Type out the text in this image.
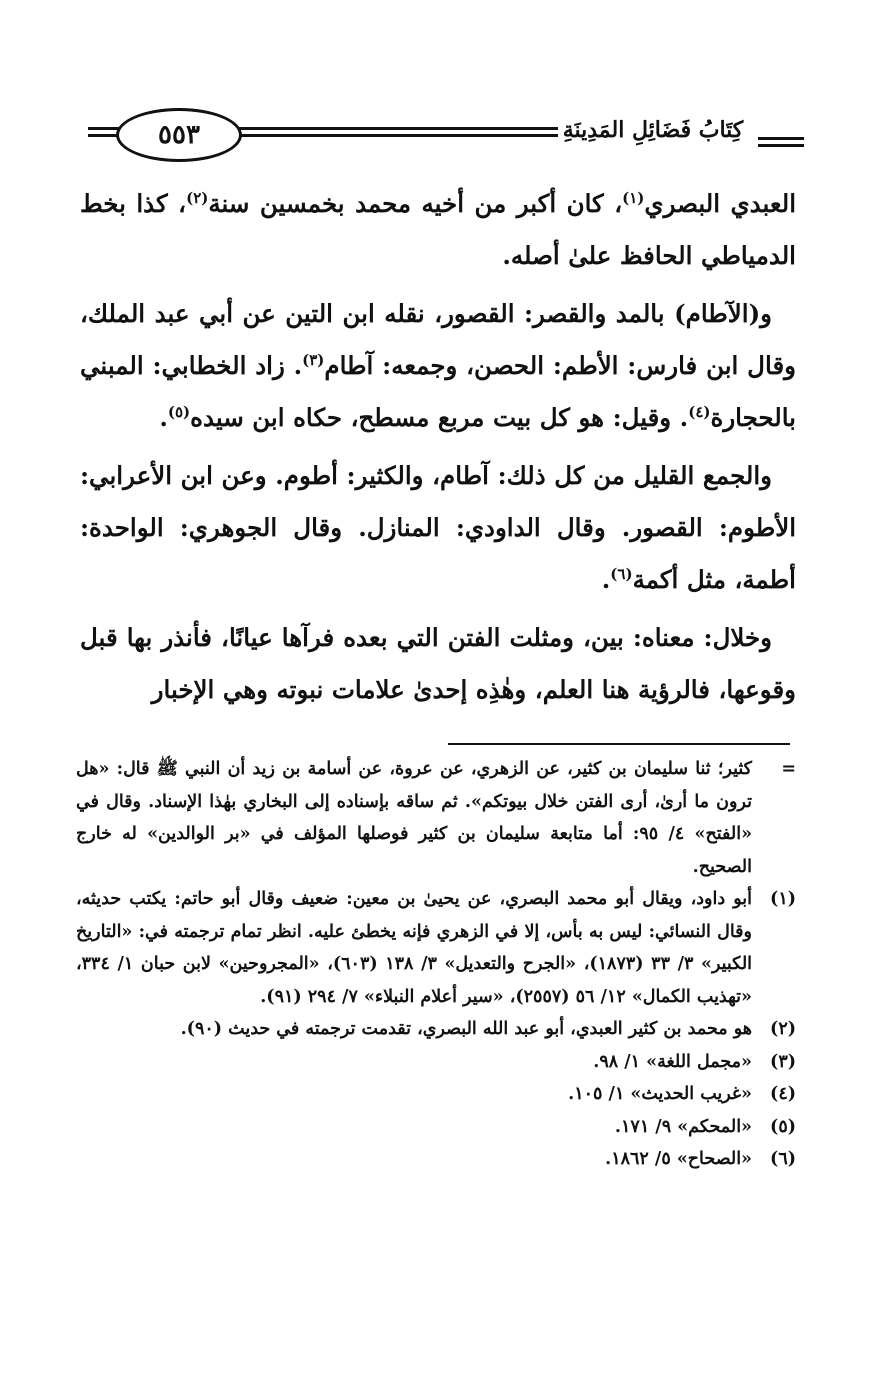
٥٥٣	كِتَابُ فَضَائِلِ المَدِينَةِ

العبدي البصري$^{(١)}$، كان أكبر من أخيه محمد بخمسين سنة$^{(٢)}$، كذا بخط الدمياطي الحافظ علىٰ أصله.

و(الآطام) بالمد والقصر: القصور، نقله ابن التين عن أبي عبد الملك، وقال ابن فارس: الأطم: الحصن، وجمعه: آطام$^{(٣)}$. زاد الخطابي: المبني بالحجارة$^{(٤)}$. وقيل: هو كل بيت مربع مسطح، حكاه ابن سيده$^{(٥)}$.

والجمع القليل من كل ذلك: آطام، والكثير: أطوم. وعن ابن الأعرابي: الأطوم: القصور. وقال الداودي: المنازل. وقال الجوهري: الواحدة: أطمة، مثل أكمة$^{(٦)}$.

وخلال: معناه: بين، ومثلت الفتن التي بعده فرآها عيانًا، فأنذر بها قبل وقوعها، فالرؤية هنا العلم، وهٰذِه إحدىٰ علامات نبوته وهي الإخبار

=
كثير؛ ثنا سليمان بن كثير، عن الزهري، عن عروة، عن أسامة بن زيد أن النبي ﷺ قال: «هل ترون ما أرىٰ، أرى الفتن خلال بيوتكم». ثم ساقه بإسناده إلى البخاري بهٰذا الإسناد. وقال في «الفتح» ٤/ ٩٥: أما متابعة سليمان بن كثير فوصلها المؤلف في «بر الوالدين» له خارج الصحيح.
(١)
أبو داود، ويقال أبو محمد البصري، عن يحيىٰ بن معين: ضعيف وقال أبو حاتم: يكتب حديثه، وقال النسائي: ليس به بأس، إلا في الزهري فإنه يخطئ عليه. انظر تمام ترجمته في: «التاريخ الكبير» ٣/ ٣٣ (١٨٧٣)، «الجرح والتعديل» ٣/ ١٣٨ (٦٠٣)، «المجروحين» لابن حبان ١/ ٣٣٤، «تهذيب الكمال» ١٢/ ٥٦ (٢٥٥٧)، «سير أعلام النبلاء» ٧/ ٢٩٤ (٩١).
(٢)
هو محمد بن كثير العبدي، أبو عبد الله البصري، تقدمت ترجمته في حديث (٩٠).
(٣)
«مجمل اللغة» ١/ ٩٨.
(٤)
«غريب الحديث» ١/ ١٠٥.
(٥)
«المحكم» ٩/ ١٧١.
(٦)
«الصحاح» ٥/ ١٨٦٢.
